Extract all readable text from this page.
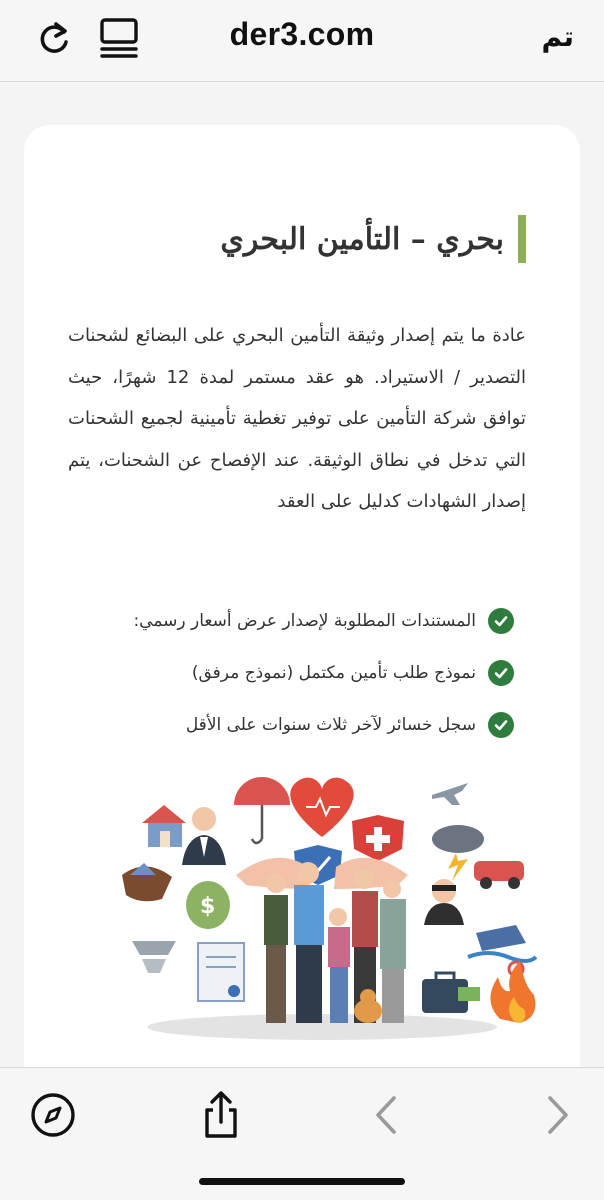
der3.com	تم
بحري – التأمين البحري

عادة ما يتم إصدار وثيقة التأمين البحري على البضائع لشحنات التصدير / الاستيراد. هو عقد مستمر لمدة 12 شهرًا، حيث توافق شركة التأمين على توفير تغطية تأمينية لجميع الشحنات التي تدخل في نطاق الوثيقة. عند الإفصاح عن الشحنات، يتم إصدار الشهادات كدليل على العقد

المستندات المطلوبة لإصدار عرض أسعار رسمي:
نموذج طلب تأمين مكتمل (نموذج مرفق)
سجل خسائر لآخر ثلاث سنوات على الأقل
$
